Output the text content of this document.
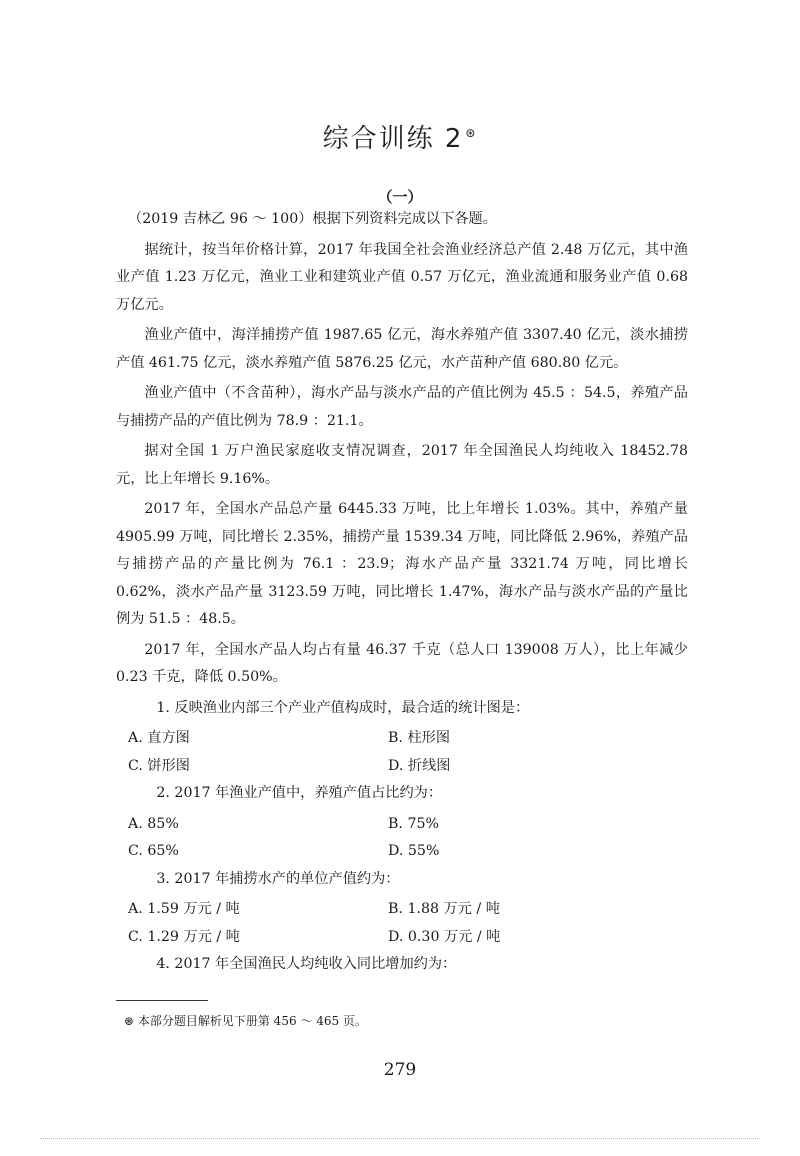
综合训练 2 ⊛
（一）

（2019 吉林乙 96 ～ 100）根据下列资料完成以下各题。

据统计，按当年价格计算，2017 年我国全社会渔业经济总产值 2.48 万亿元，其中渔业产值 1.23 万亿元，渔业工业和建筑业产值 0.57 万亿元，渔业流通和服务业产值 0.68 万亿元。

渔业产值中，海洋捕捞产值 1987.65 亿元，海水养殖产值 3307.40 亿元，淡水捕捞产值 461.75 亿元，淡水养殖产值 5876.25 亿元，水产苗种产值 680.80 亿元。

渔业产值中（不含苗种），海水产品与淡水产品的产值比例为 45.5 ：54.5，养殖产品与捕捞产品的产值比例为 78.9 ：21.1。

据对全国 1 万户渔民家庭收支情况调查，2017 年全国渔民人均纯收入 18452.78 元，比上年增长 9.16%。

2017 年，全国水产品总产量 6445.33 万吨，比上年增长 1.03%。其中，养殖产量 4905.99 万吨，同比增长 2.35%，捕捞产量 1539.34 万吨，同比降低 2.96%，养殖产品与捕捞产品的产量比例为 76.1 ：23.9；海水产品产量 3321.74 万吨，同比增长 0.62%，淡水产品产量 3123.59 万吨，同比增长 1.47%，海水产品与淡水产品的产量比例为 51.5 ：48.5。

2017 年，全国水产品人均占有量 46.37 千克（总人口 139008 万人），比上年减少 0.23 千克，降低 0.50%。

1. 反映渔业内部三个产业产值构成时，最合适的统计图是：

A. 直方图	B. 柱形图
C. 饼形图	D. 折线图

2. 2017 年渔业产值中，养殖产值占比约为：

A. 85%	B. 75%
C. 65%	D. 55%

3. 2017 年捕捞水产的单位产值约为：

A. 1.59 万元 / 吨	B. 1.88 万元 / 吨
C. 1.29 万元 / 吨	D. 0.30 万元 / 吨

4. 2017 年全国渔民人均纯收入同比增加约为：

⊛ 本部分题目解析见下册第 456 ～ 465 页。
279
